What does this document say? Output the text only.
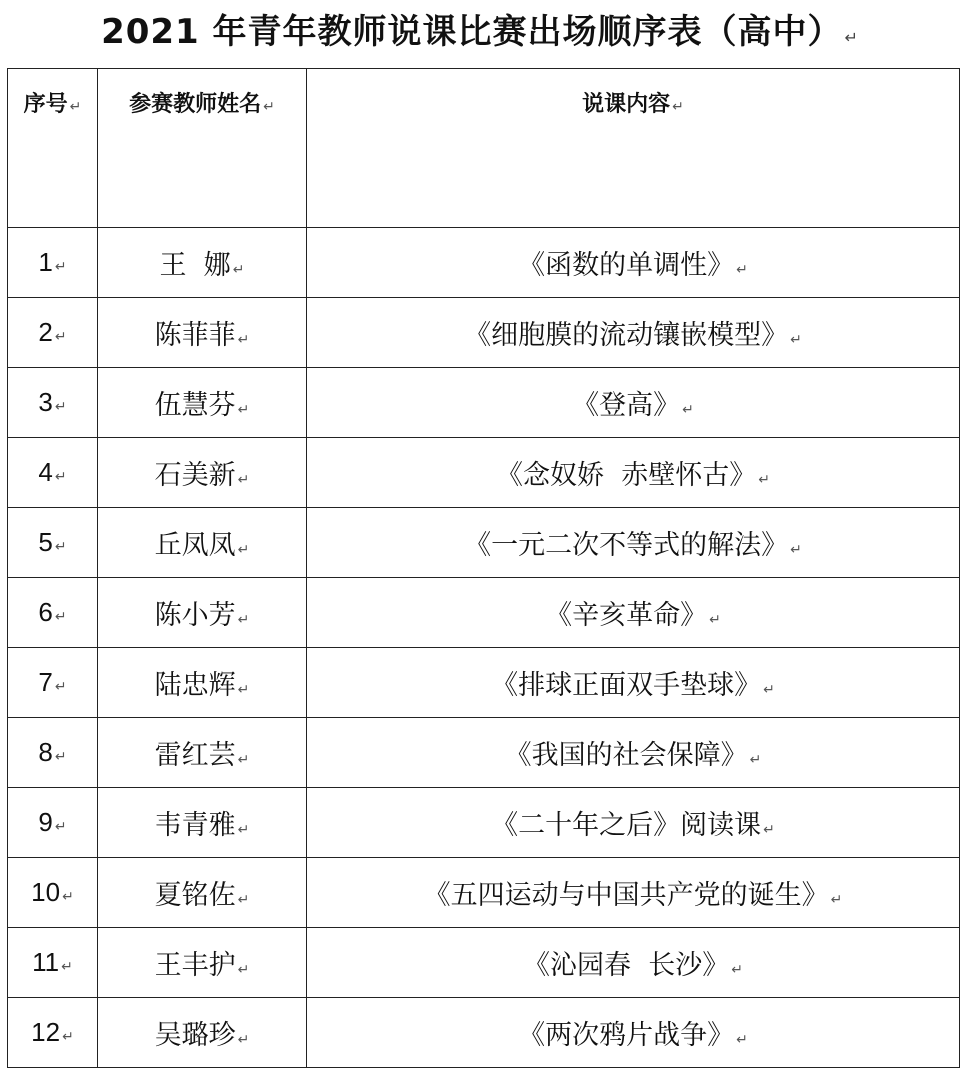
2021 年青年教师说课比赛出场顺序表（高中） ↵
序号 ↵	参赛教师姓名 ↵	说课内容 ↵
1 ↵	王  娜 ↵	《函数的单调性》 ↵
2 ↵	陈菲菲 ↵	《细胞膜的流动镶嵌模型》 ↵
3 ↵	伍慧芬 ↵	《登高》 ↵
4 ↵	石美新 ↵	《念奴娇  赤壁怀古》 ↵
5 ↵	丘凤凤 ↵	《一元二次不等式的解法》 ↵
6 ↵	陈小芳 ↵	《辛亥革命》 ↵
7 ↵	陆忠辉 ↵	《排球正面双手垫球》 ↵
8 ↵	雷红芸 ↵	《我国的社会保障》 ↵
9 ↵	韦青雅 ↵	《二十年之后》阅读课 ↵
10 ↵	夏铭佐 ↵	《五四运动与中国共产党的诞生》 ↵
11 ↵	王丰护 ↵	《沁园春  长沙》 ↵
12 ↵	吴璐珍 ↵	《两次鸦片战争》 ↵
